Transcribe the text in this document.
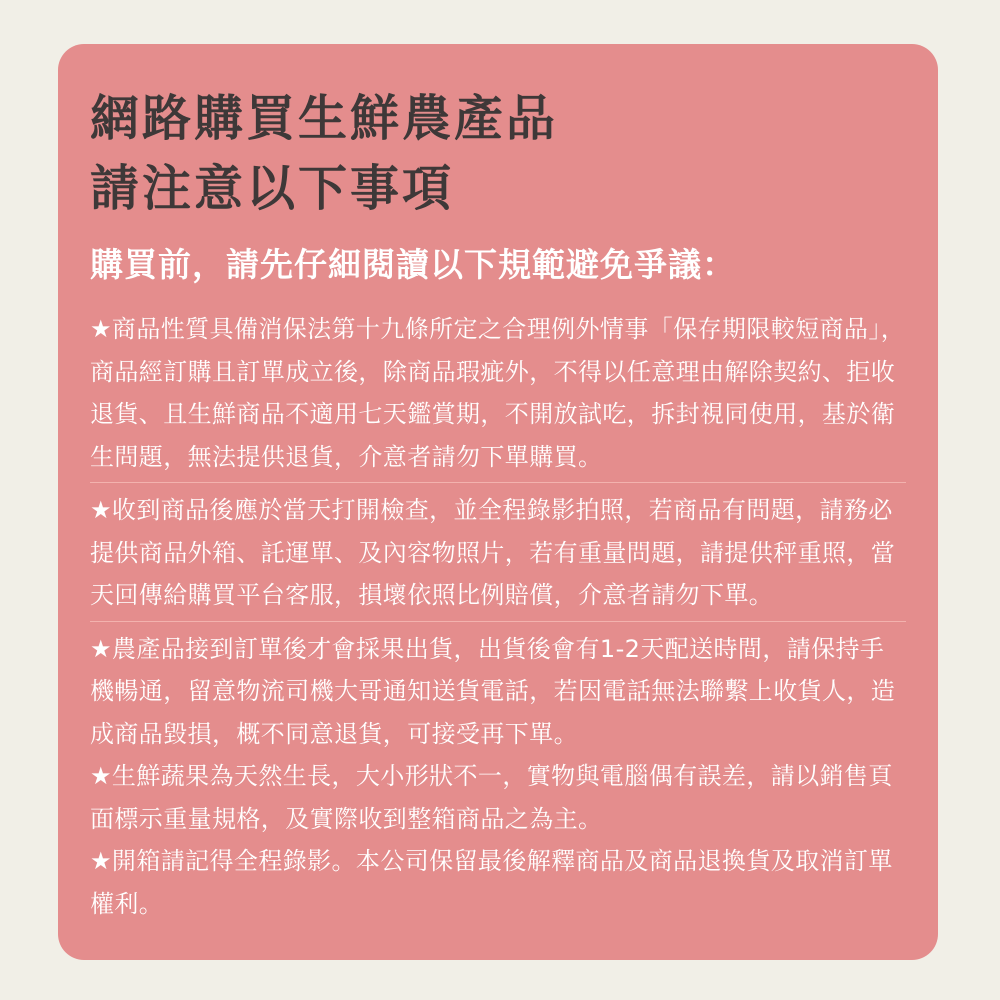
網路購買生鮮農產品
請注意以下事項
購買前，請先仔細閱讀以下規範避免爭議：
★商品性質具備消保法第十九條所定之合理例外情事「保存期限較短商品」，商品經訂購且訂單成立後，除商品瑕疵外，不得以任意理由解除契約、拒收退貨、且生鮮商品不適用七天鑑賞期，不開放試吃，拆封視同使用，基於衛生問題，無法提供退貨，介意者請勿下單購買。
★收到商品後應於當天打開檢查，並全程錄影拍照，若商品有問題，請務必提供商品外箱、託運單、及內容物照片，若有重量問題，請提供秤重照，當天回傳給購買平台客服，損壞依照比例賠償，介意者請勿下單。
★農產品接到訂單後才會採果出貨，出貨後會有1-2天配送時間，請保持手機暢通，留意物流司機大哥通知送貨電話，若因電話無法聯繫上收貨人，造成商品毀損，概不同意退貨，可接受再下單。
★生鮮蔬果為天然生長，大小形狀不一，實物與電腦偶有誤差，請以銷售頁面標示重量規格，及實際收到整箱商品之為主。
★開箱請記得全程錄影。本公司保留最後解釋商品及商品退換貨及取消訂單權利。
